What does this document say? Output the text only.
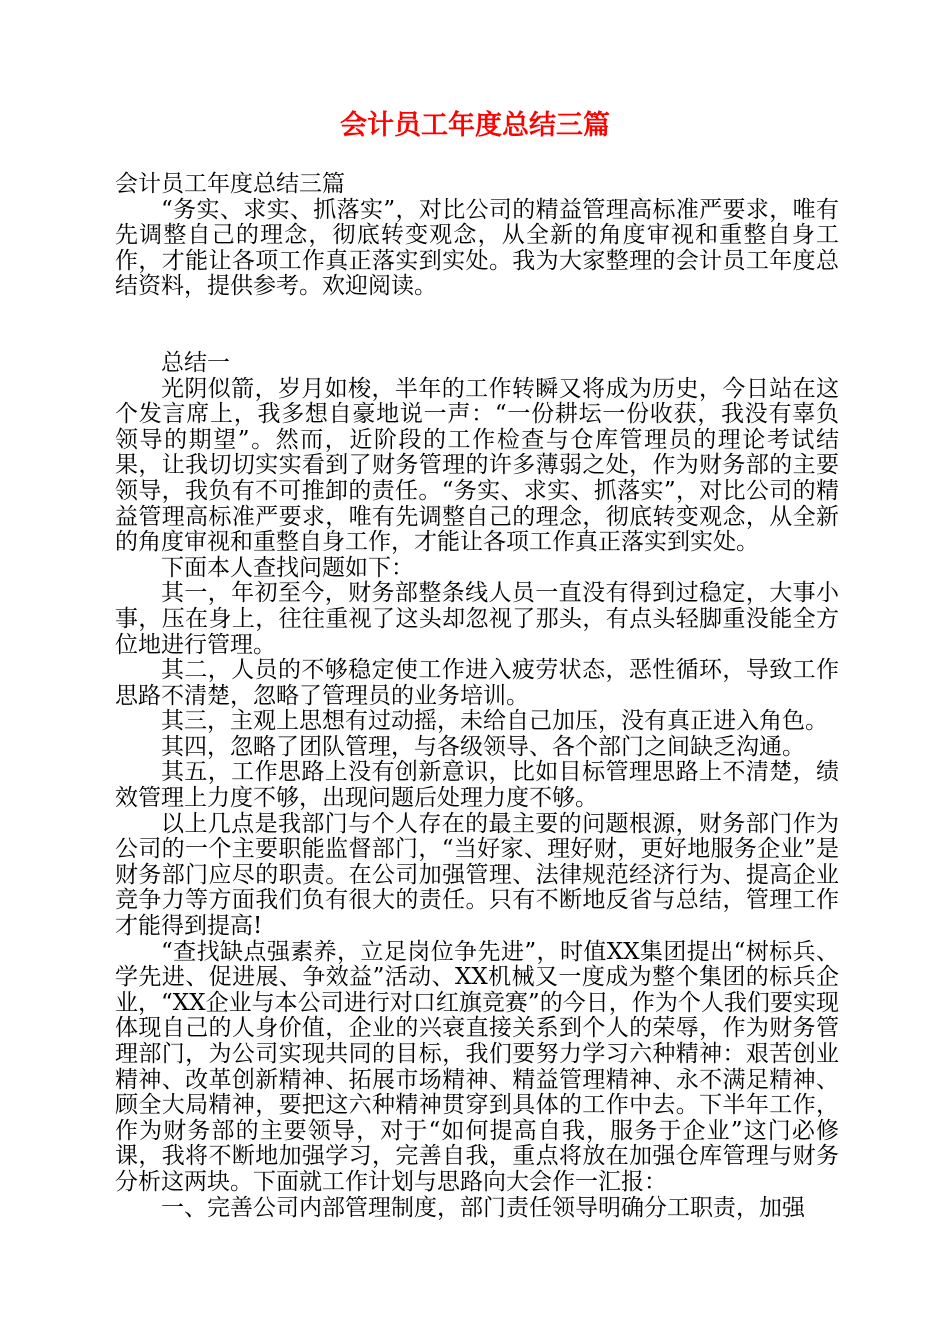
会计员工年度总结三篇

会计员工年度总结三篇

“务实、求实、抓落实”，对比公司的精益管理高标准严要求，唯有先调整自己的理念，彻底转变观念，从全新的角度审视和重整自身工作，才能让各项工作真正落实到实处。我为大家整理的会计员工年度总结资料，提供参考。欢迎阅读。

总结一

光阴似箭，岁月如梭，半年的工作转瞬又将成为历史，今日站在这个发言席上，我多想自豪地说一声：“一份耕坛一份收获，我没有辜负领导的期望”。然而，近阶段的工作检查与仓库管理员的理论考试结果，让我切切实实看到了财务管理的许多薄弱之处，作为财务部的主要领导，我负有不可推卸的责任。“务实、求实、抓落实”，对比公司的精益管理高标准严要求，唯有先调整自己的理念，彻底转变观念，从全新的角度审视和重整自身工作，才能让各项工作真正落实到实处。

下面本人查找问题如下：

其一，年初至今，财务部整条线人员一直没有得到过稳定，大事小事，压在身上，往往重视了这头却忽视了那头，有点头轻脚重没能全方位地进行管理。

其二，人员的不够稳定使工作进入疲劳状态，恶性循环，导致工作思路不清楚，忽略了管理员的业务培训。

其三，主观上思想有过动摇，未给自己加压，没有真正进入角色。

其四，忽略了团队管理，与各级领导、各个部门之间缺乏沟通。

其五，工作思路上没有创新意识，比如目标管理思路上不清楚，绩效管理上力度不够，出现问题后处理力度不够。

以上几点是我部门与个人存在的最主要的问题根源，财务部门作为公司的一个主要职能监督部门，“当好家、理好财，更好地服务企业”是财务部门应尽的职责。在公司加强管理、法律规范经济行为、提高企业竞争力等方面我们负有很大的责任。只有不断地反省与总结，管理工作才能得到提高!

“查找缺点强素养，立足岗位争先进”，时值XX集团提出“树标兵、学先进、促进展、争效益”活动、XX机械又一度成为整个集团的标兵企业，“XX企业与本公司进行对口红旗竞赛”的今日，作为个人我们要实现体现自己的人身价值，企业的兴衰直接关系到个人的荣辱，作为财务管理部门，为公司实现共同的目标，我们要努力学习六种精神：艰苦创业精神、改革创新精神、拓展市场精神、精益管理精神、永不满足精神、顾全大局精神，要把这六种精神贯穿到具体的工作中去。下半年工作，作为财务部的主要领导，对于“如何提高自我，服务于企业”这门必修课，我将不断地加强学习，完善自我，重点将放在加强仓库管理与财务分析这两块。下面就工作计划与思路向大会作一汇报：

一、完善公司内部管理制度，部门责任领导明确分工职责，加强
